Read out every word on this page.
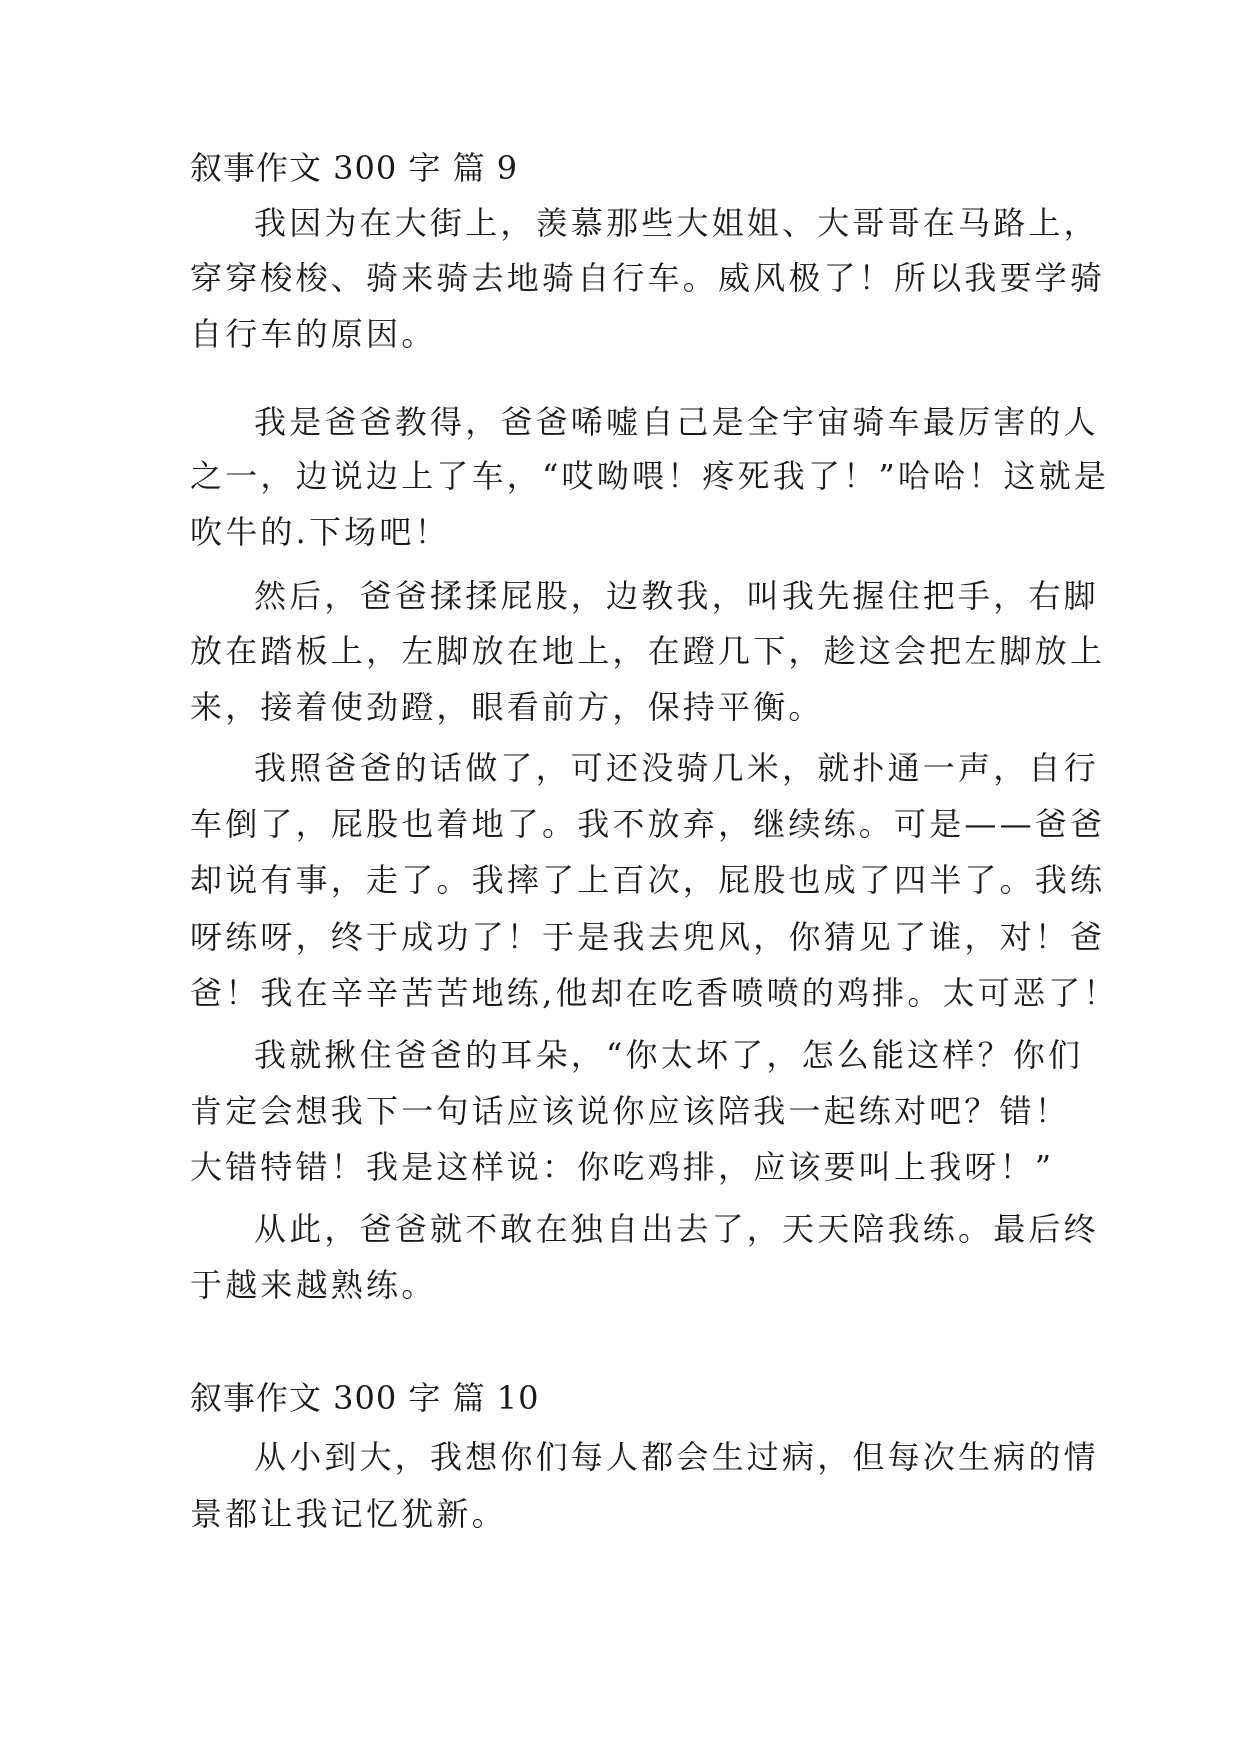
叙事作文 300 字 篇 9
我因为在大街上，羡慕那些大姐姐、大哥哥在马路上，
穿穿梭梭、骑来骑去地骑自行车。威风极了！所以我要学骑
自行车的原因。
我是爸爸教得，爸爸唏嘘自己是全宇宙骑车最厉害的人
之一，边说边上了车，“哎呦喂！疼死我了！”哈哈！这就是
吹牛的.下场吧！
然后，爸爸揉揉屁股，边教我，叫我先握住把手，右脚
放在踏板上，左脚放在地上，在蹬几下，趁这会把左脚放上
来，接着使劲蹬，眼看前方，保持平衡。
我照爸爸的话做了，可还没骑几米，就扑通一声，自行
车倒了，屁股也着地了。我不放弃，继续练。可是——爸爸
却说有事，走了。我摔了上百次，屁股也成了四半了。我练
呀练呀，终于成功了！于是我去兜风，你猜见了谁，对！爸
爸！我在辛辛苦苦地练,他却在吃香喷喷的鸡排。太可恶了！
我就揪住爸爸的耳朵，“你太坏了，怎么能这样？你们
肯定会想我下一句话应该说你应该陪我一起练对吧？错！
大错特错！我是这样说：你吃鸡排，应该要叫上我呀！”
从此，爸爸就不敢在独自出去了，天天陪我练。最后终
于越来越熟练。
叙事作文 300 字 篇 10
从小到大，我想你们每人都会生过病，但每次生病的情
景都让我记忆犹新。
